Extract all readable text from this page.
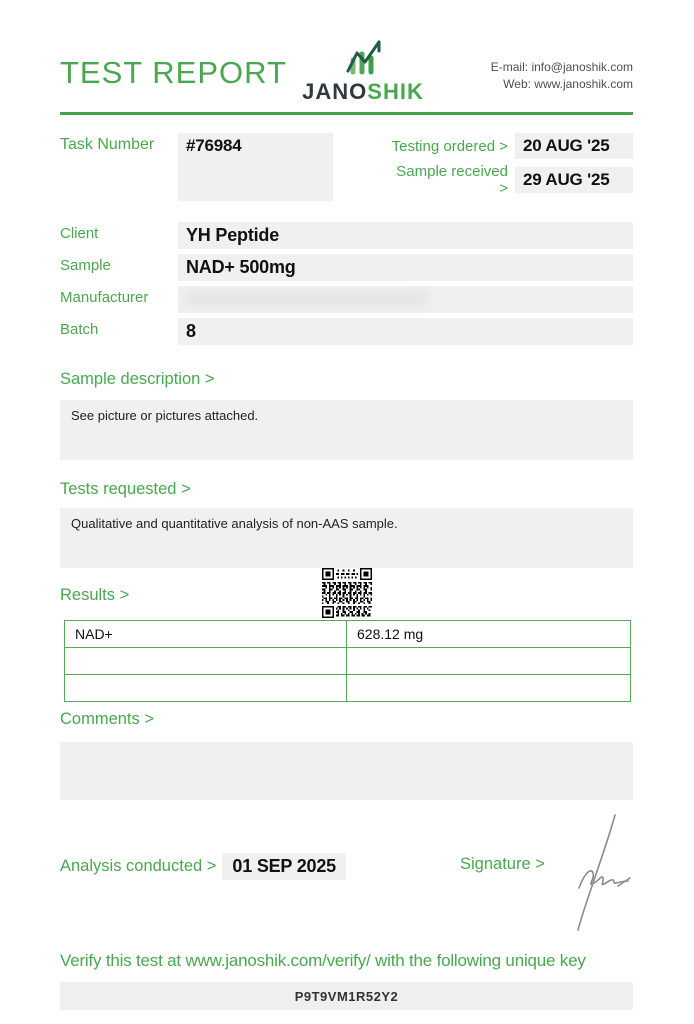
TEST REPORT
JANOSHIK
E-mail: info@janoshik.com
Web: www.janoshik.com
Task Number	#76984	Testing ordered > 20 AUG '25
Sample received > 29 AUG '25
Client	YH Peptide
Sample	NAD+ 500mg
Manufacturer
Batch	8
Sample description >
See picture or pictures attached.
Tests requested >
Qualitative and quantitative analysis of non-AAS sample.
Results >
NAD+	628.12 mg

Comments >
Analysis conducted > 01 SEP 2025	Signature >
Verify this test at www.janoshik.com/verify/ with the following unique key
P9T9VM1R52Y2
